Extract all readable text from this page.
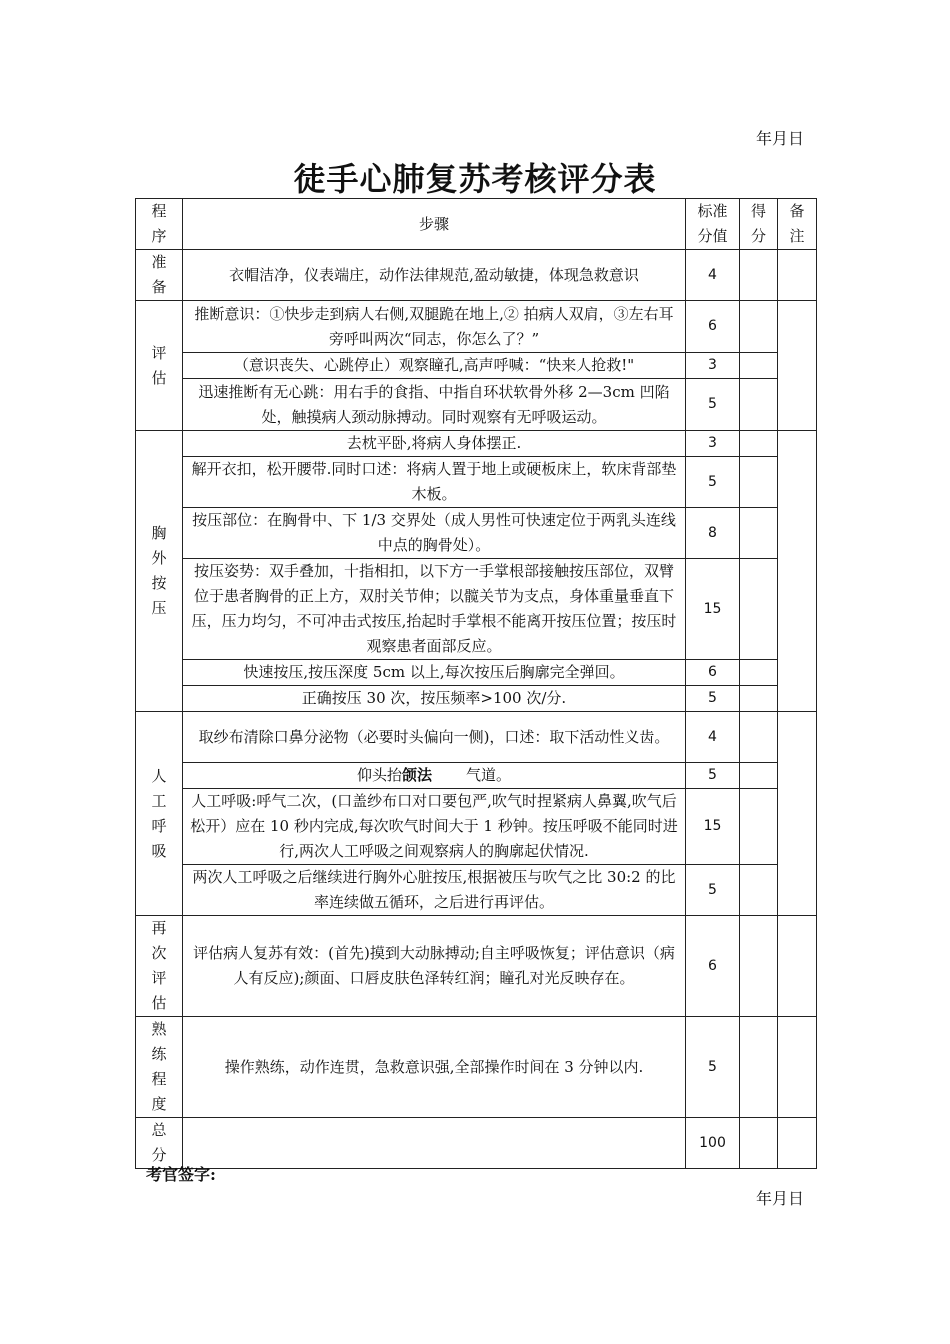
年月日
徒手心肺复苏考核评分表
程序	步骤	标准分值	得分	备注

准备	衣帽洁净，仪表端庄，动作法律规范,盈动敏捷，体现急救意识	4		

评估	推断意识：①快步走到病人右侧,双腿跪在地上,② 拍病人双肩，③左右耳旁呼叫两次“同志，你怎么了？”	6		
	（意识丧失、心跳停止）观察瞳孔,高声呼喊：“快来人抢救!"	3		
	迅速推断有无心跳：用右手的食指、中指自环状软骨外移 2—3cm 凹陷处，触摸病人颈动脉搏动。同时观察有无呼吸运动。	5		

胸外按压	去枕平卧,将病人身体摆正.	3		
	解开衣扣，松开腰带.同时口述：将病人置于地上或硬板床上，软床背部垫木板。	5		
	按压部位：在胸骨中、下 1/3 交界处（成人男性可快速定位于两乳头连线中点的胸骨处）。	8		
	按压姿势：双手叠加，十指相扣，以下方一手掌根部接触按压部位，双臂位于患者胸骨的正上方，双肘关节伸；以髋关节为支点，身体重量垂直下压，压力均匀，不可冲击式按压,抬起时手掌根不能离开按压位置；按压时观察患者面部反应。	15		
	快速按压,按压深度 5cm 以上,每次按压后胸廓完全弹回。	6		
	正确按压 30 次，按压频率>100 次/分.	5		

人工呼吸	取纱布清除口鼻分泌物（必要时头偏向一侧)，口述：取下活动性义齿。	4		
	仰头抬颌法 气道。	5		
	人工呼吸:呼气二次，(口盖纱布口对口要包严,吹气时捏紧病人鼻翼,吹气后松开）应在 10 秒内完成,每次吹气时间大于 1 秒钟。按压呼吸不能同时进行,两次人工呼吸之间观察病人的胸廓起伏情况.	15		
	两次人工呼吸之后继续进行胸外心脏按压,根据被压与吹气之比 30:2 的比率连续做五循环，之后进行再评估。	5		

再次评估	评估病人复苏有效：(首先)摸到大动脉搏动;自主呼吸恢复；评估意识（病人有反应);颜面、口唇皮肤色泽转红润；瞳孔对光反映存在。	6		

熟练程度	操作熟练，动作连贯，急救意识强,全部操作时间在 3 分钟以内.	5		

总分		100		
考官签字:
年月日
